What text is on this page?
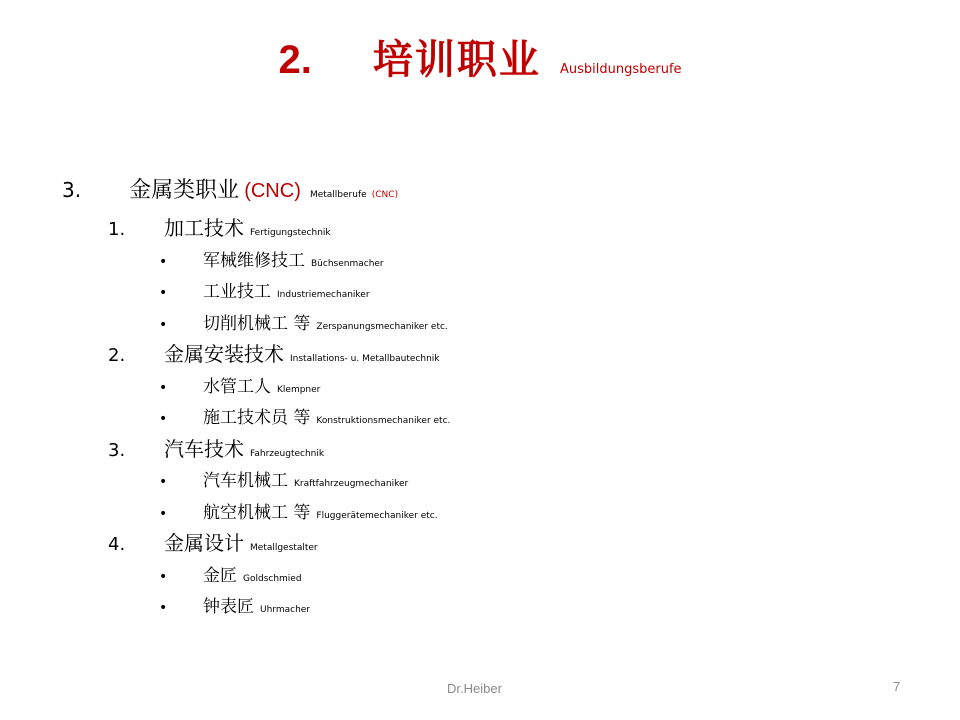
2. 培训职业 Ausbildungsberufe
3. 金属类职业 (CNC) Metallberufe (CNC)
1. 加工技术 Fertigungstechnik
• 军械维修技工 Büchsenmacher
• 工业技工 Industriemechaniker
• 切削机械工 等 Zerspanungsmechaniker etc.
2. 金属安装技术 Installations- u. Metallbautechnik
• 水管工人 Klempner
• 施工技术员 等 Konstruktionsmechaniker etc.
3. 汽车技术 Fahrzeugtechnik
• 汽车机械工 Kraftfahrzeugmechaniker
• 航空机械工 等 Fluggerätemechaniker etc.
4. 金属设计 Metallgestalter
• 金匠 Goldschmied
• 钟表匠 Uhrmacher
Dr.Heiber	7
